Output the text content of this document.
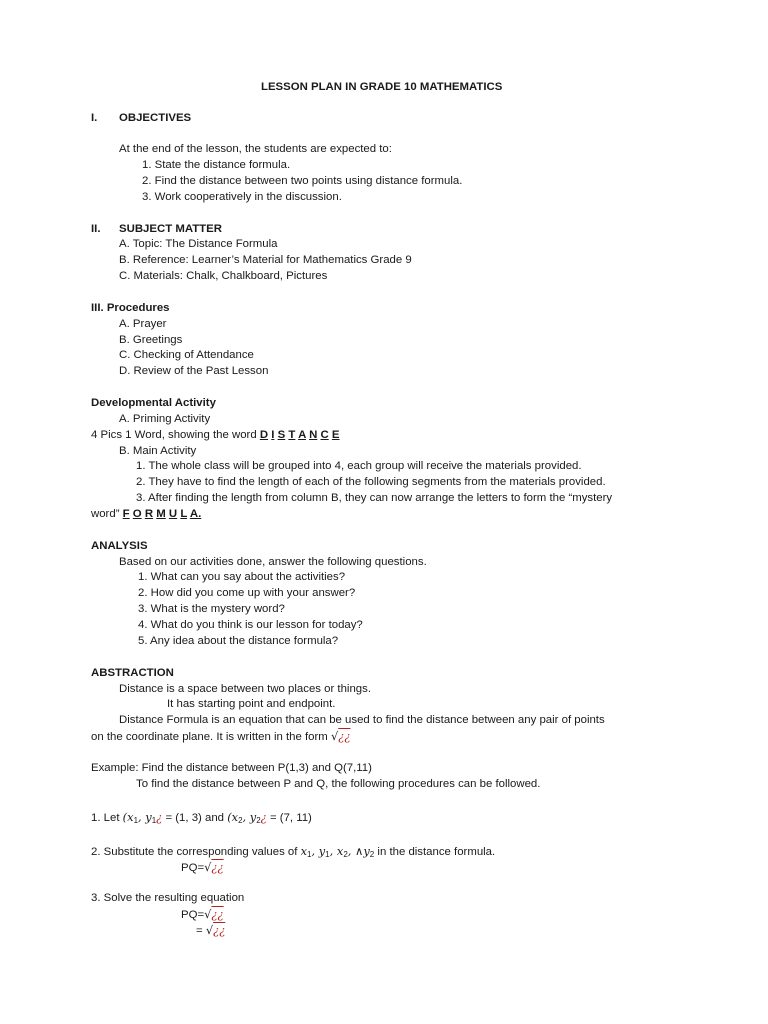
LESSON PLAN IN GRADE 10 MATHEMATICS
I. OBJECTIVES
At the end of the lesson, the students are expected to:
1. State the distance formula.
2. Find the distance between two points using distance formula.
3. Work cooperatively in the discussion.
II. SUBJECT MATTER
A. Topic: The Distance Formula
B. Reference: Learner’s Material for Mathematics Grade 9
C. Materials: Chalk, Chalkboard, Pictures
III. Procedures
A. Prayer
B. Greetings
C. Checking of Attendance
D. Review of the Past Lesson
Developmental Activity
A. Priming Activity
4 Pics 1 Word, showing the word D I S T A N C E
B. Main Activity
1. The whole class will be grouped into 4, each group will receive the materials provided.
2. They have to find the length of each of the following segments from the materials provided.
3. After finding the length from column B, they can now arrange the letters to form the “mystery
word” F O R M U L A.
ANALYSIS
Based on our activities done, answer the following questions.
1. What can you say about the activities?
2. How did you come up with your answer?
3. What is the mystery word?
4. What do you think is our lesson for today?
5. Any idea about the distance formula?
ABSTRACTION
Distance is a space between two places or things.
It has starting point and endpoint.
Distance Formula is an equation that can be used to find the distance between any pair of points
on the coordinate plane. It is written in the form √¿¿
Example: Find the distance between P(1,3) and Q(7,11)
To find the distance between P and Q, the following procedures can be followed.
1. Let ($x_1$, $y_1¿ = (1$, 3) and ($x_2$, $y_2¿ = (7$, 11)
2. Substitute the corresponding values of $x_1$, $y_1$, $x_2$, $\wedge y_2$ in the distance formula.
PQ=√¿¿
3. Solve the resulting equation
PQ=√¿¿
= √¿¿
